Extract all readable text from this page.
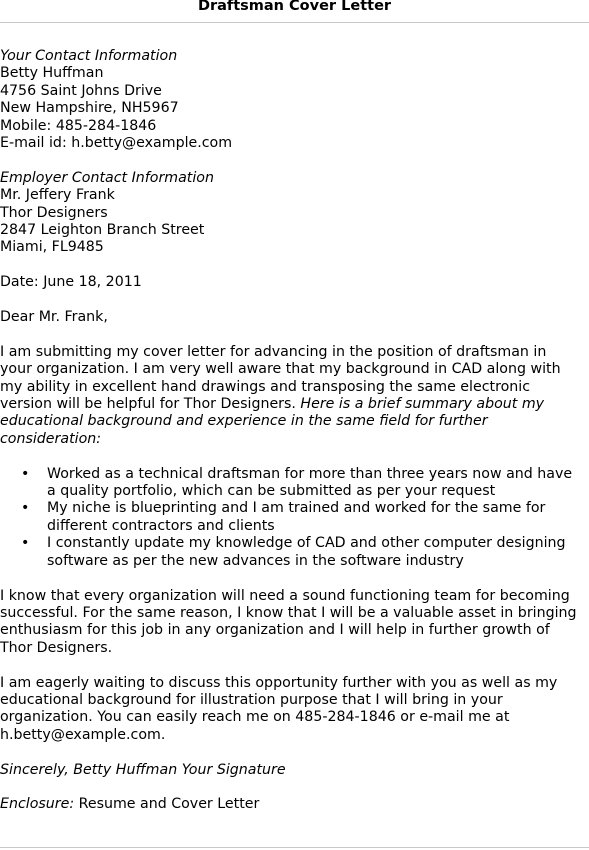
Draftsman Cover Letter
Your Contact Information
Betty Huffman
4756 Saint Johns Drive
New Hampshire, NH5967
Mobile: 485-284-1846
E-mail id: h.betty@example.com
Employer Contact Information
Mr. Jeffery Frank
Thor Designers
2847 Leighton Branch Street
Miami, FL9485
Date: June 18, 2011
Dear Mr. Frank,
I am submitting my cover letter for advancing in the position of draftsman in
your organization. I am very well aware that my background in CAD along with
my ability in excellent hand drawings and transposing the same electronic
version will be helpful for Thor Designers. Here is a brief summary about my
educational background and experience in the same field for further
consideration:
• Worked as a technical draftsman for more than three years now and have
a quality portfolio, which can be submitted as per your request
• My niche is blueprinting and I am trained and worked for the same for
different contractors and clients
• I constantly update my knowledge of CAD and other computer designing
software as per the new advances in the software industry
I know that every organization will need a sound functioning team for becoming
successful. For the same reason, I know that I will be a valuable asset in bringing
enthusiasm for this job in any organization and I will help in further growth of
Thor Designers.
I am eagerly waiting to discuss this opportunity further with you as well as my
educational background for illustration purpose that I will bring in your
organization. You can easily reach me on 485-284-1846 or e-mail me at
h.betty@example.com.
Sincerely, Betty Huffman Your Signature
Enclosure: Resume and Cover Letter
